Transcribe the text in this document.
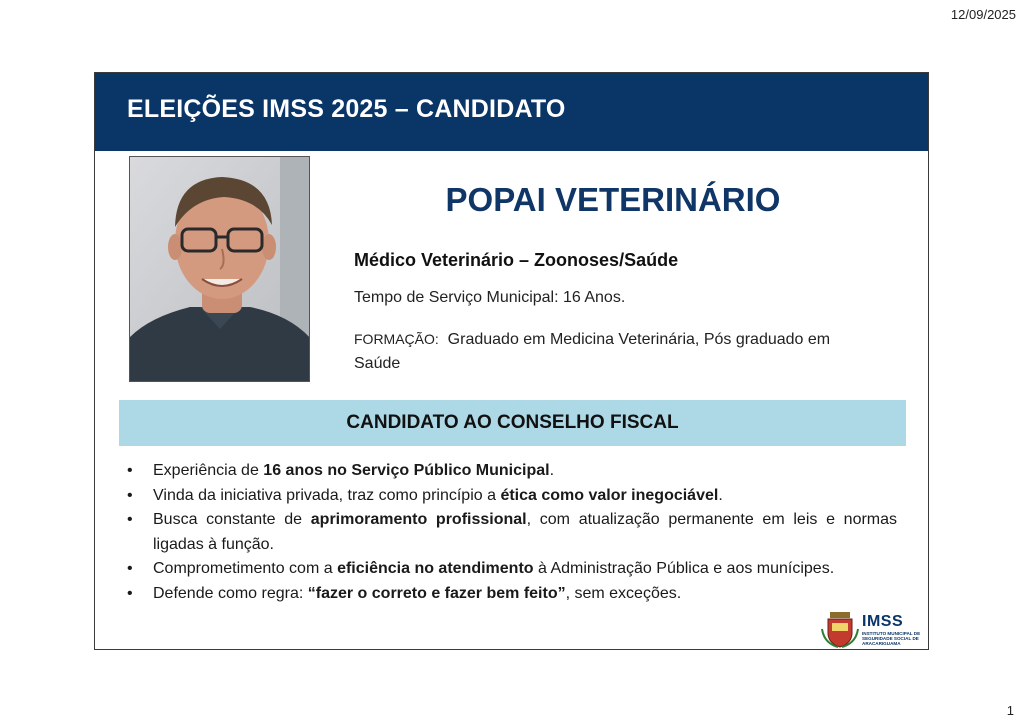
12/09/2025
ELEIÇÕES IMSS 2025 – CANDIDATO
POPAI VETERINÁRIO
Médico Veterinário – Zoonoses/Saúde
Tempo de Serviço Municipal: 16 Anos.
FORMAÇÃO: Graduado em Medicina Veterinária, Pós graduado em Saúde
CANDIDATO AO CONSELHO FISCAL
• Experiência de 16 anos no Serviço Público Municipal.
• Vinda da iniciativa privada, traz como princípio a ética como valor inegociável.
• Busca constante de aprimoramento profissional, com atualização permanente em leis e normas ligadas à função.
• Comprometimento com a eficiência no atendimento à Administração Pública e aos munícipes.
• Defende como regra: “fazer o correto e fazer bem feito”, sem exceções.
IMSS
INSTITUTO MUNICIPAL DE SEGURIDADE SOCIAL DE ARACARIGUAMA
1
